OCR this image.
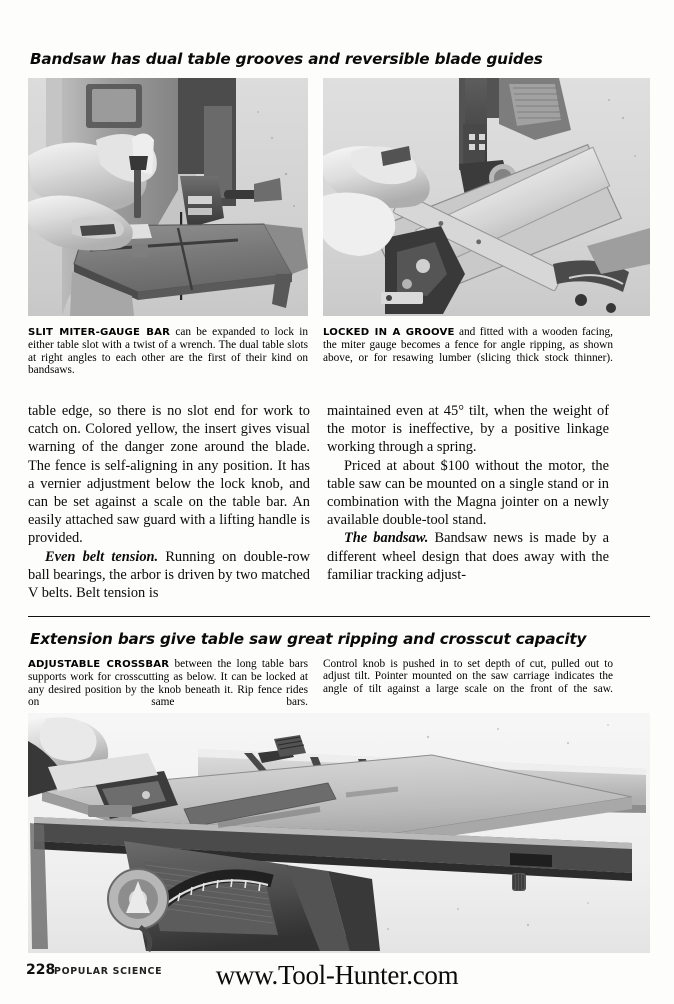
Bandsaw has dual table grooves and reversible blade guides
SLIT MITER-GAUGE BAR can be expanded to lock in either table slot with a twist of a wrench. The dual table slots at right angles to each other are the first of their kind on bandsaws.
LOCKED IN A GROOVE and fitted with a wooden facing, the miter gauge becomes a fence for angle ripping, as shown above, or for resawing lumber (slicing thick stock thinner).

table edge, so there is no slot end for work to catch on. Colored yellow, the insert gives visual warning of the danger zone around the blade. The fence is self-aligning in any position. It has a vernier adjustment below the lock knob, and can be set against a scale on the table bar. An easily attached saw guard with a lifting handle is provided.

Even belt tension. Running on double-row ball bearings, the arbor is driven by two matched V belts. Belt tension is

maintained even at 45° tilt, when the weight of the motor is ineffective, by a positive linkage working through a spring.

Priced at about $100 without the motor, the table saw can be mounted on a single stand or in combination with the Magna jointer on a newly available double-tool stand.

The bandsaw. Bandsaw news is made by a different wheel design that does away with the familiar tracking adjust-

Extension bars give table saw great ripping and crosscut capacity
ADJUSTABLE CROSSBAR between the long table bars supports work for crosscutting as below. It can be locked at any desired position by the knob beneath it. Rip fence rides on same bars.
Control knob is pushed in to set depth of cut, pulled out to adjust tilt. Pointer mounted on the saw carriage indicates the angle of tilt against a large scale on the front of the saw.
228
POPULAR SCIENCE	www.Tool-Hunter.com
